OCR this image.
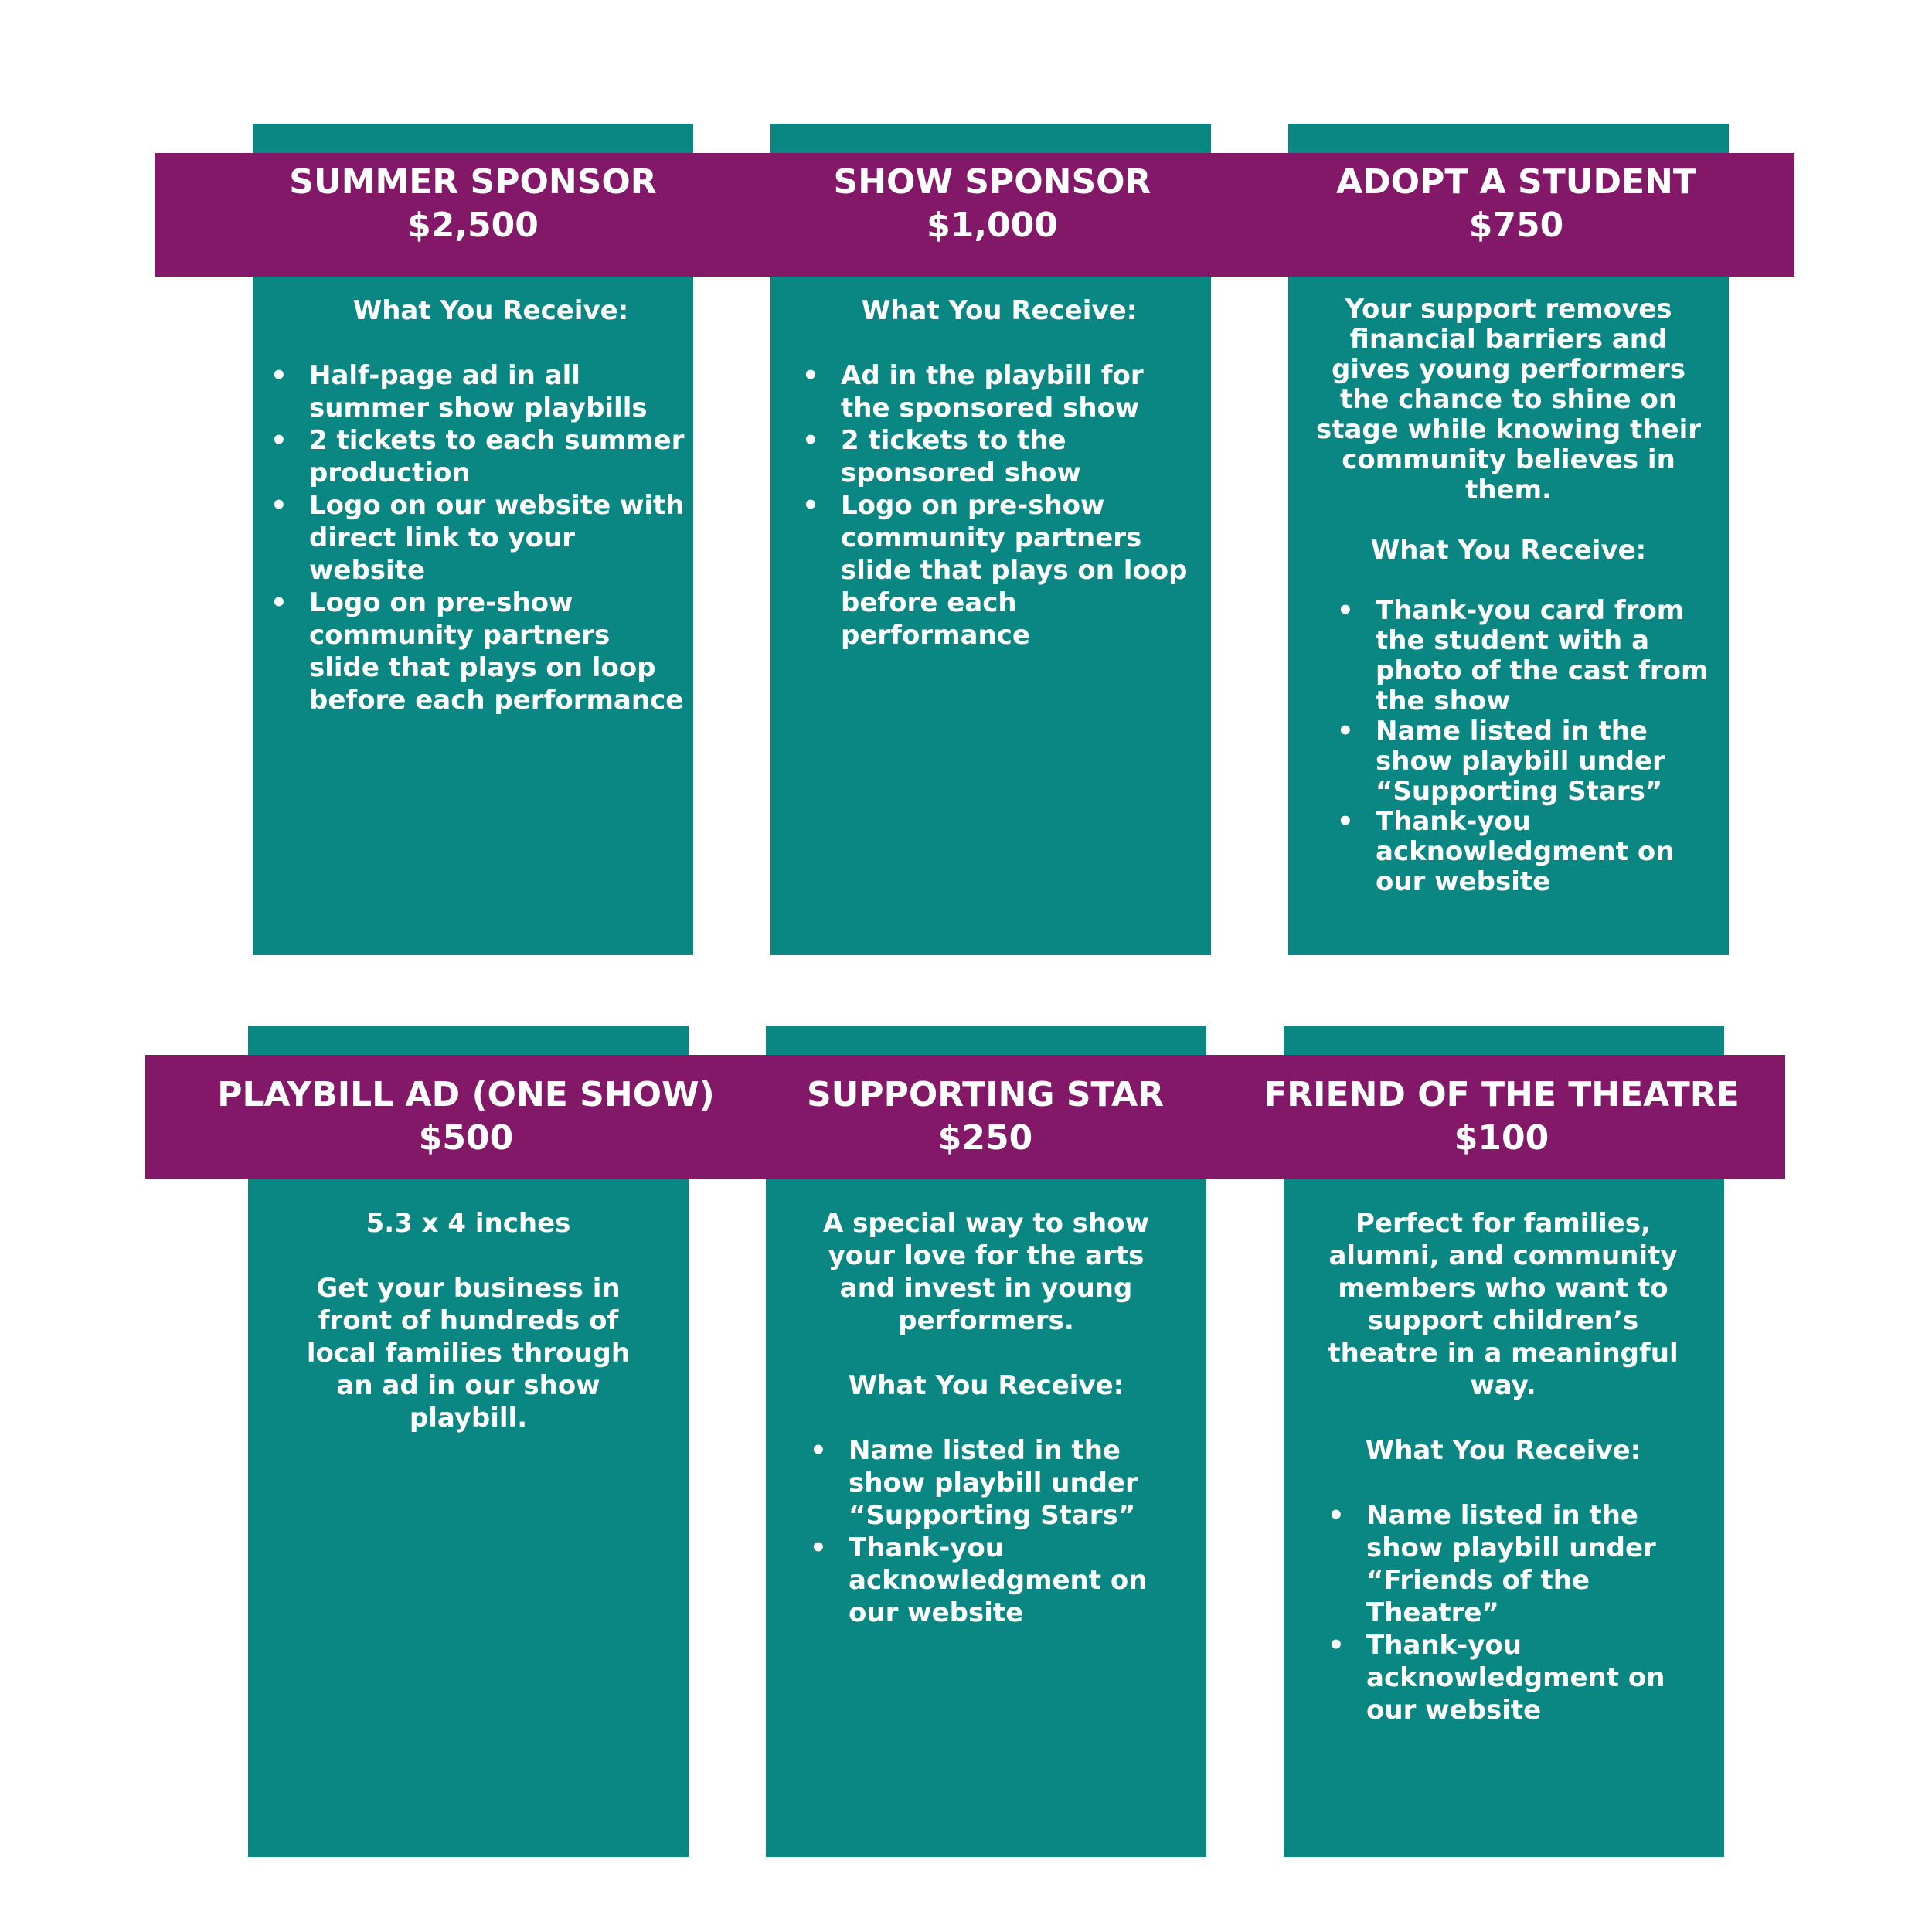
SUMMER SPONSOR
$2,500
SHOW SPONSOR
$1,000
ADOPT A STUDENT
$750

What You Receive:

• Half-page ad in all summer show playbills
• 2 tickets to each summer production
• Logo on our website with direct link to your website
• Logo on pre-show community partners slide that plays on loop before each performance

What You Receive:

• Ad in the playbill for the sponsored show
• 2 tickets to the sponsored show
• Logo on pre-show community partners slide that plays on loop before each performance

Your support removes financial barriers and gives young performers the chance to shine on stage while knowing their community believes in them.

What You Receive:

• Thank-you card from the student with a photo of the cast from the show
• Name listed in the show playbill under “Supporting Stars”
• Thank-you acknowledgment on our website
PLAYBILL AD (ONE SHOW)
$500
SUPPORTING STAR
$250
FRIEND OF THE THEATRE
$100

5.3 x 4 inches

Get your business in front of hundreds of local families through an ad in our show playbill.

A special way to show your love for the arts and invest in young performers.

What You Receive:

• Name listed in the show playbill under “Supporting Stars”
• Thank-you acknowledgment on our website

Perfect for families, alumni, and community members who want to support children’s theatre in a meaningful way.

What You Receive:

• Name listed in the show playbill under “Friends of the Theatre”
• Thank-you acknowledgment on our website
